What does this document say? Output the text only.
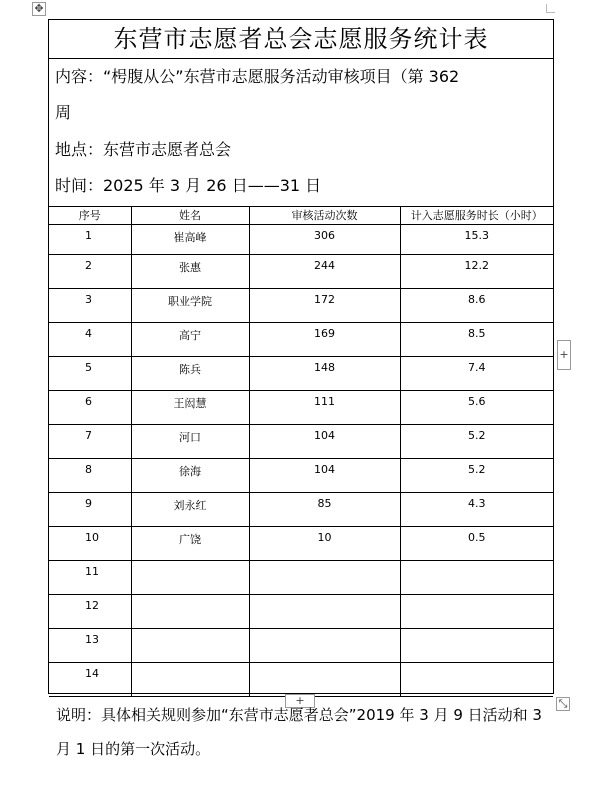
✥
东营市志愿者总会志愿服务统计表
内容：“枵腹从公”东营市志愿服务活动审核项目（第 362
周
地点：东营市志愿者总会
时间：2025 年 3 月 26 日——31 日
序号	姓名	审核活动次数	计入志愿服务时长（小时）
1	崔高峰	306	15.3
2	张惠	244	12.2
3	职业学院	172	8.6
4	高宁	169	8.5
5	陈兵	148	7.4
6	王闳慧	111	5.6
7	河口	104	5.2
8	徐海	104	5.2
9	刘永红	85	4.3
10	广饶	10	0.5
11			
12			
13			
14			
+
+	⤡
说明：具体相关规则参加“东营市志愿者总会”2019 年 3 月 9 日活动和 3 月 1 日的第一次活动。
